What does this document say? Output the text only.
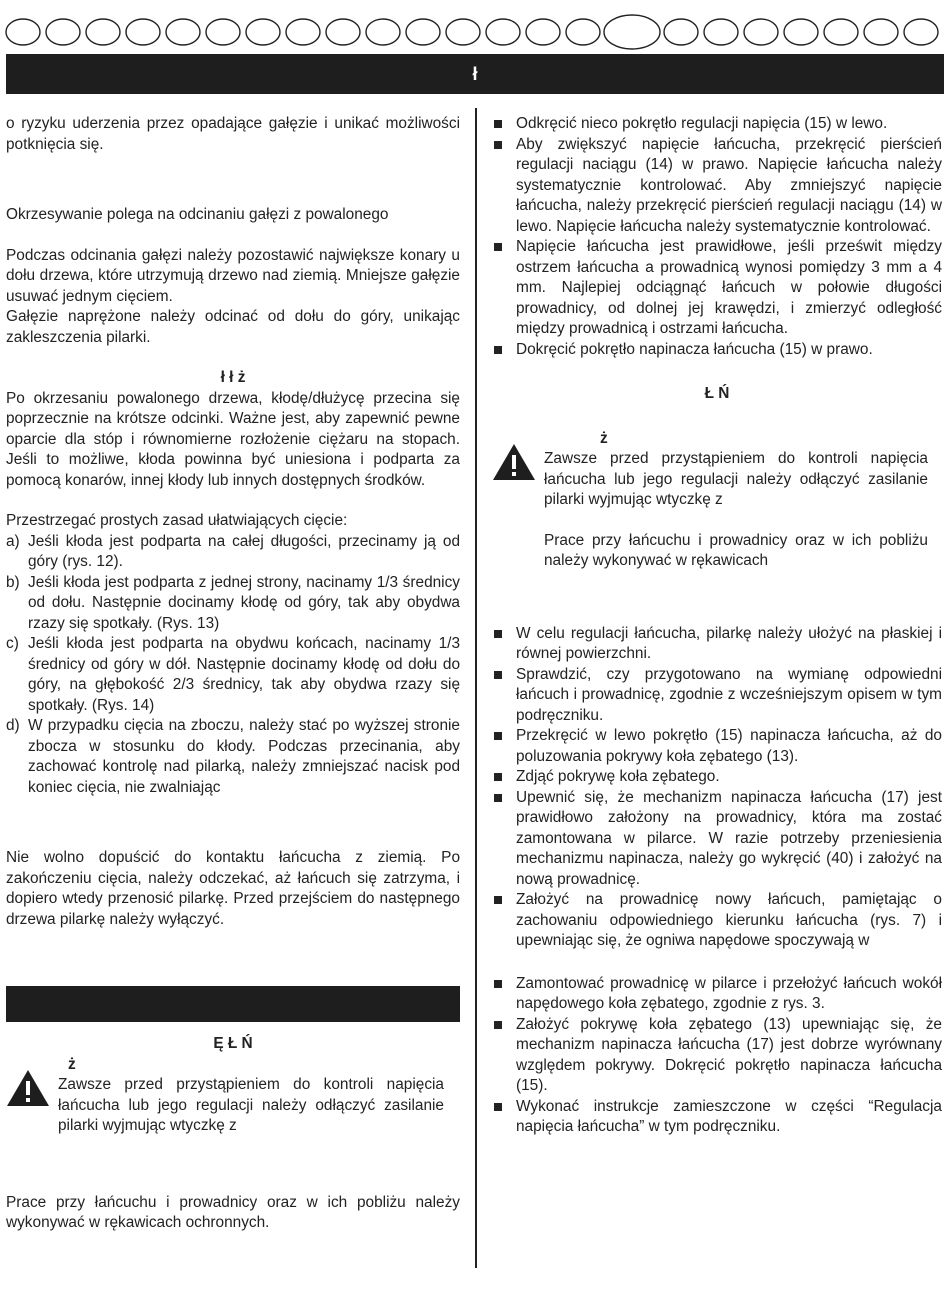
ł

o ryzyku uderzenia przez opadające gałęzie i unikać możliwości potknięcia się.

Okrzesywanie polega na odcinaniu gałęzi z powalonego

Podczas odcinania gałęzi należy pozostawić największe konary u dołu drzewa, które utrzymują drzewo nad ziemią. Mniejsze gałęzie usuwać jednym cięciem.

Gałęzie naprężone należy odcinać od dołu do góry, unikając zakleszczenia pilarki.

ł ł ż

Po okrzesaniu powalonego drzewa, kłodę/dłużycę przecina się poprzecznie na krótsze odcinki. Ważne jest, aby zapewnić pewne oparcie dla stóp i równomierne rozłożenie ciężaru na stopach. Jeśli to możliwe, kłoda powinna być uniesiona i podparta za pomocą konarów, innej kłody lub innych dostępnych środków.

Przestrzegać prostych zasad ułatwiających cięcie:

a) Jeśli kłoda jest podparta na całej długości, przecinamy ją od góry (rys. 12).
b) Jeśli kłoda jest podparta z jednej strony, nacinamy 1/3 średnicy od dołu. Następnie docinamy kłodę od góry, tak aby obydwa rzazy się spotkały. (Rys. 13)
c) Jeśli kłoda jest podparta na obydwu końcach, nacinamy 1/3 średnicy od góry w dół. Następnie docinamy kłodę od dołu do góry, na głębokość 2/3 średnicy, tak aby obydwa rzazy się spotkały. (Rys. 14)
d) W przypadku cięcia na zboczu, należy stać po wyższej stronie zbocza w stosunku do kłody. Podczas przecinania, aby zachować kontrolę nad pilarką, należy zmniejszać nacisk pod koniec cięcia, nie zwalniając

Nie wolno dopuścić do kontaktu łańcucha z ziemią. Po zakończeniu cięcia, należy odczekać, aż łańcuch się zatrzyma, i dopiero wtedy przenosić pilarkę. Przed przejściem do następnego drzewa pilarkę należy wyłączyć.

Ę Ł Ń

ż

Zawsze przed przystąpieniem do kontroli napięcia łańcucha lub jego regulacji należy odłączyć zasilanie pilarki wyjmując wtyczkę z

Prace przy łańcuchu i prowadnicy oraz w ich pobliżu należy wykonywać w rękawicach ochronnych.

Odkręcić nieco pokrętło regulacji napięcia (15) w lewo.
Aby zwiększyć napięcie łańcucha, przekręcić pierścień regulacji naciągu (14) w prawo. Napięcie łańcucha należy systematycznie kontrolować. Aby zmniejszyć napięcie łańcucha, należy przekręcić pierścień regulacji naciągu (14) w lewo. Napięcie łańcucha należy systematycznie kontrolować.
Napięcie łańcucha jest prawidłowe, jeśli prześwit między ostrzem łańcucha a prowadnicą wynosi pomiędzy 3 mm a 4 mm. Najlepiej odciągnąć łańcuch w połowie długości prowadnicy, od dolnej jej krawędzi, i zmierzyć odległość między prowadnicą i ostrzami łańcucha.
Dokręcić pokrętło napinacza łańcucha (15) w prawo.

Ł Ń

ż

Zawsze przed przystąpieniem do kontroli napięcia łańcucha lub jego regulacji należy odłączyć zasilanie pilarki wyjmując wtyczkę z

Prace przy łańcuchu i prowadnicy oraz w ich pobliżu należy wykonywać w rękawicach

W celu regulacji łańcucha, pilarkę należy ułożyć na płaskiej i równej powierzchni.
Sprawdzić, czy przygotowano na wymianę odpowiedni łańcuch i prowadnicę, zgodnie z wcześniejszym opisem w tym podręczniku.
Przekręcić w lewo pokrętło (15) napinacza łańcucha, aż do poluzowania pokrywy koła zębatego (13).
Zdjąć pokrywę koła zębatego.
Upewnić się, że mechanizm napinacza łańcucha (17) jest prawidłowo założony na prowadnicy, która ma zostać zamontowana w pilarce. W razie potrzeby przeniesienia mechanizmu napinacza, należy go wykręcić (40) i założyć na nową prowadnicę.
Założyć na prowadnicę nowy łańcuch, pamiętając o zachowaniu odpowiedniego kierunku łańcucha (rys. 7) i upewniając się, że ogniwa napędowe spoczywają w
Zamontować prowadnicę w pilarce i przełożyć łańcuch wokół napędowego koła zębatego, zgodnie z rys. 3.
Założyć pokrywę koła zębatego (13) upewniając się, że mechanizm napinacza łańcucha (17) jest dobrze wyrównany względem pokrywy. Dokręcić pokrętło napinacza łańcucha (15).
Wykonać instrukcje zamieszczone w części “Regulacja napięcia łańcucha” w tym podręczniku.
